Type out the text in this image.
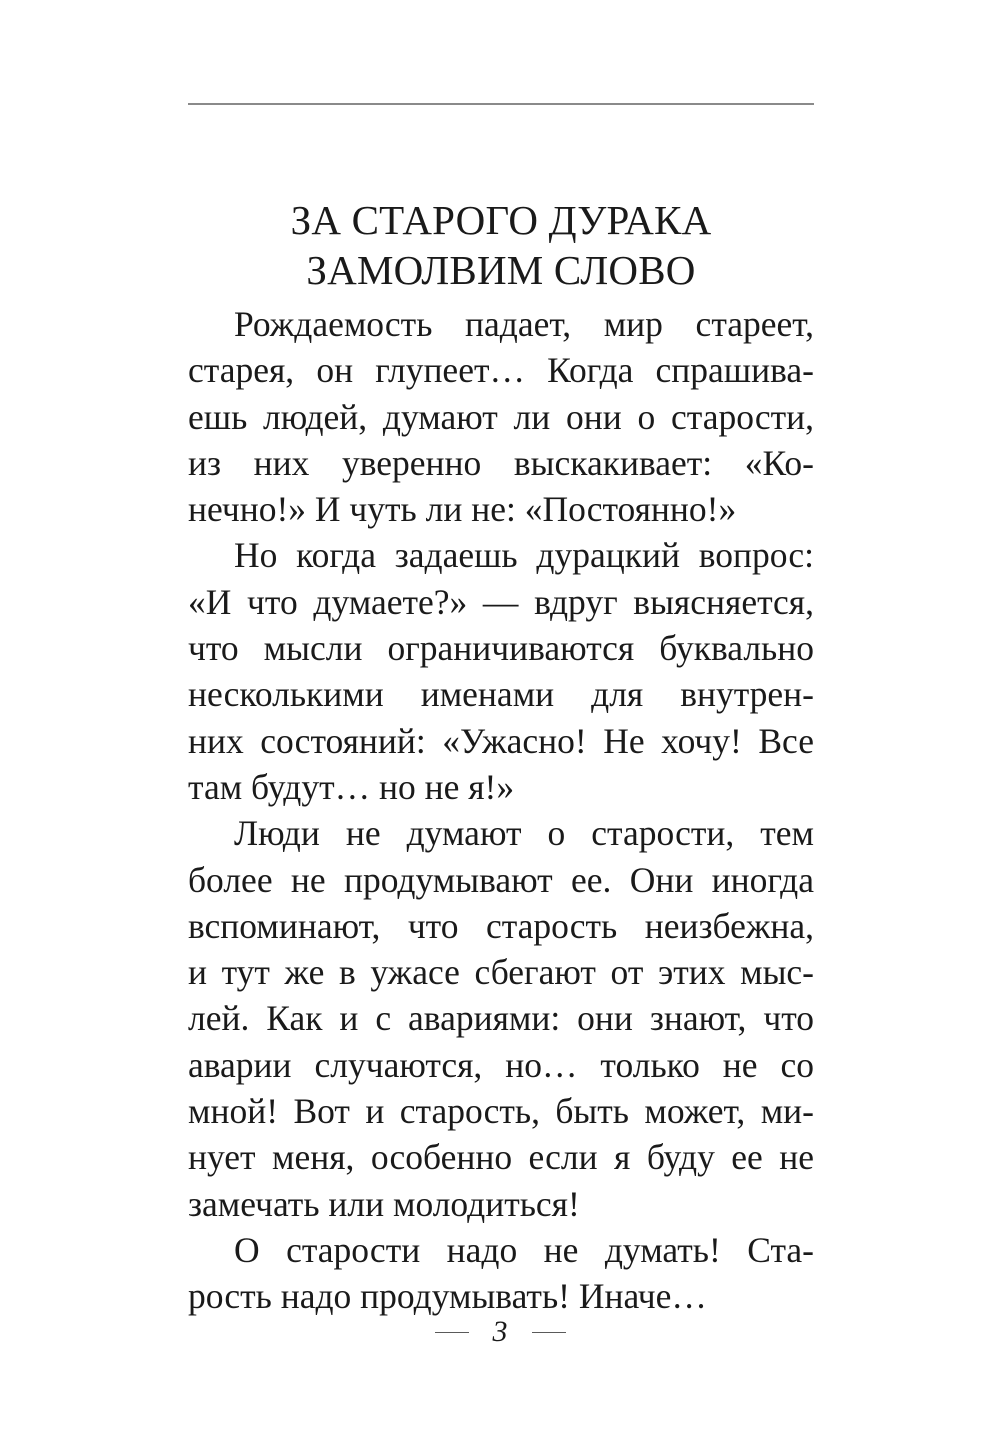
ЗА СТАРОГО ДУРАКА
ЗАМОЛВИМ СЛОВО
Рождаемость падает, мир стареет,
старея, он глупеет… Когда спрашива-
ешь людей, думают ли они о старости,
из них уверенно выскакивает: «Ко-
нечно!» И чуть ли не: «Постоянно!»
Но когда задаешь дурацкий вопрос:
«И что думаете?» — вдруг выясняется,
что мысли ограничиваются буквально
несколькими именами для внутрен-
них состояний: «Ужасно! Не хочу! Все
там будут… но не я!»
Люди не думают о старости, тем
более не продумывают ее. Они иногда
вспоминают, что старость неизбежна,
и тут же в ужасе сбегают от этих мыс-
лей. Как и с авариями: они знают, что
аварии случаются, но… только не со
мной! Вот и старость, быть может, ми-
нует меня, особенно если я буду ее не
замечать или молодиться!
О старости надо не думать! Ста-
рость надо продумывать! Иначе…
3
